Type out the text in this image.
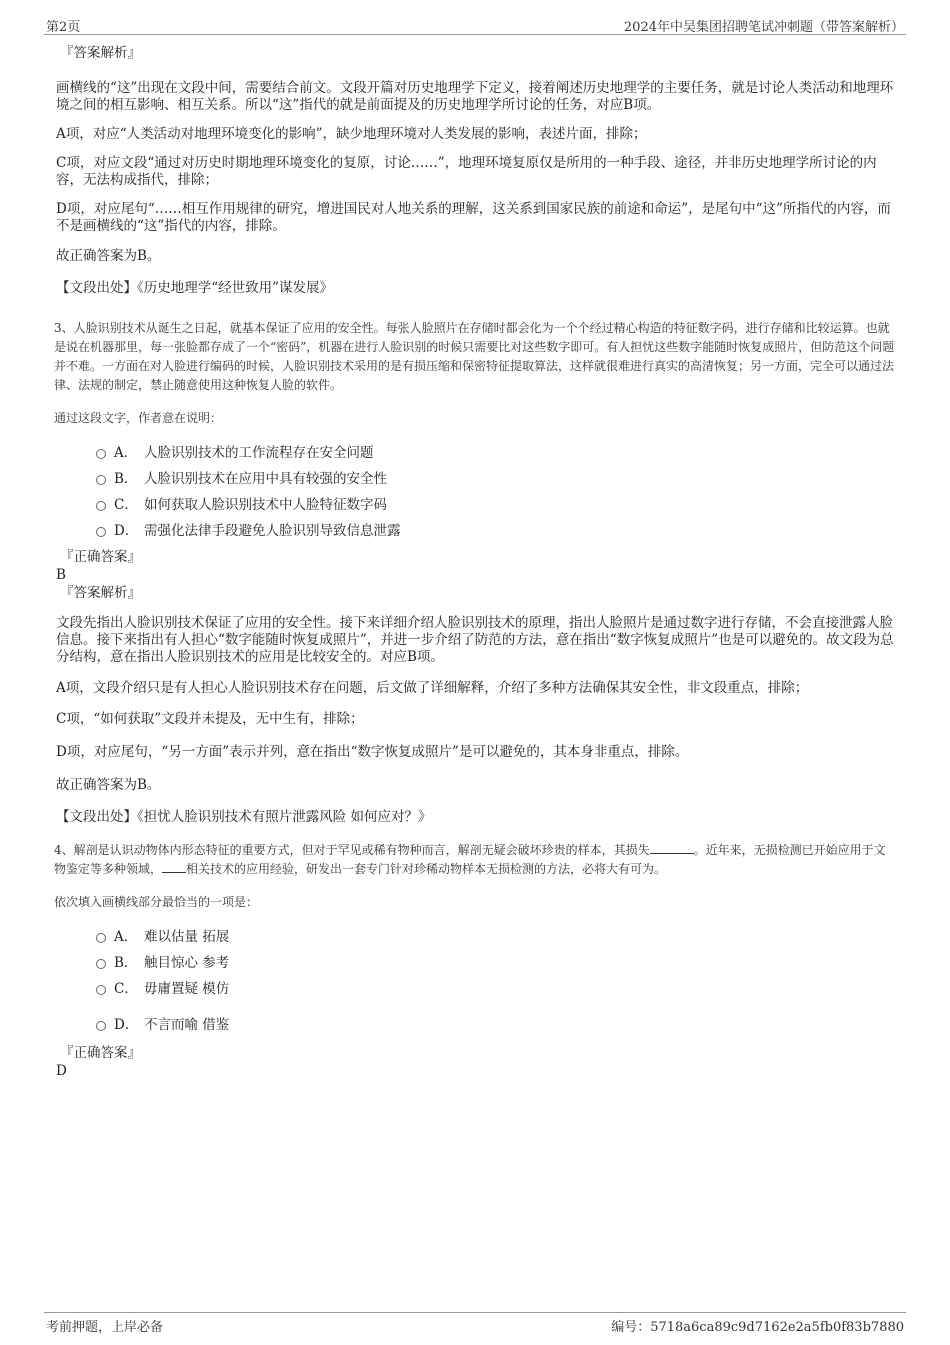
第2页	2024年中吴集团招聘笔试冲刺题（带答案解析）
『答案解析』

画横线的“这”出现在文段中间，需要结合前文。文段开篇对历史地理学下定义，接着阐述历史地理学的主要任务，就是讨论人类活动和地理环境之间的相互影响、相互关系。所以“这”指代的就是前面提及的历史地理学所讨论的任务，对应B项。

A项，对应“人类活动对地理环境变化的影响”，缺少地理环境对人类发展的影响，表述片面，排除；

C项，对应文段“通过对历史时期地理环境变化的复原，讨论……”，地理环境复原仅是所用的一种手段、途径，并非历史地理学所讨论的内容，无法构成指代，排除；

D项，对应尾句“……相互作用规律的研究，增进国民对人地关系的理解，这关系到国家民族的前途和命运”，是尾句中“这”所指代的内容，而不是画横线的“这”指代的内容，排除。

故正确答案为B。

【文段出处】《历史地理学“经世致用”谋发展》

3、人脸识别技术从诞生之日起，就基本保证了应用的安全性。每张人脸照片在存储时都会化为一个个经过精心构造的特征数字码，进行存储和比较运算。也就是说在机器那里，每一张脸都存成了一个“密码”，机器在进行人脸识别的时候只需要比对这些数字即可。有人担忧这些数字能随时恢复成照片，但防范这个问题并不难。一方面在对人脸进行编码的时候，人脸识别技术采用的是有损压缩和保密特征提取算法，这样就很难进行真实的高清恢复；另一方面，完全可以通过法律、法规的制定，禁止随意使用这种恢复人脸的软件。

通过这段文字，作者意在说明：

A． 人脸识别技术的工作流程存在安全问题
B． 人脸识别技术在应用中具有较强的安全性
C． 如何获取人脸识别技术中人脸特征数字码
D． 需强化法律手段避免人脸识别导致信息泄露
『正确答案』
B
『答案解析』

文段先指出人脸识别技术保证了应用的安全性。接下来详细介绍人脸识别技术的原理，指出人脸照片是通过数字进行存储，不会直接泄露人脸信息。接下来指出有人担心“数字能随时恢复成照片”，并进一步介绍了防范的方法，意在指出“数字恢复成照片”也是可以避免的。故文段为总分结构，意在指出人脸识别技术的应用是比较安全的。对应B项。

A项，文段介绍只是有人担心人脸识别技术存在问题，后文做了详细解释，介绍了多种方法确保其安全性，非文段重点，排除；

C项，“如何获取”文段并未提及，无中生有，排除；

D项，对应尾句，“另一方面”表示并列，意在指出“数字恢复成照片”是可以避免的，其本身非重点，排除。

故正确答案为B。

【文段出处】《担忧人脸识别技术有照片泄露风险 如何应对？》

4、解剖是认识动物体内形态特征的重要方式，但对于罕见或稀有物种而言，解剖无疑会破坏珍贵的样本，其损失	。近年来，无损检测已开始应用于文物鉴定等多种领域， 相关技术的应用经验，研发出一套专门针对珍稀动物样本无损检测的方法，必将大有可为。

依次填入画横线部分最恰当的一项是：

A． 难以估量 拓展
B． 触目惊心 参考
C． 毋庸置疑 模仿
D． 不言而喻 借鉴
『正确答案』
D
考前押题，上岸必备	编号：5718a6ca89c9d7162e2a5fb0f83b7880
